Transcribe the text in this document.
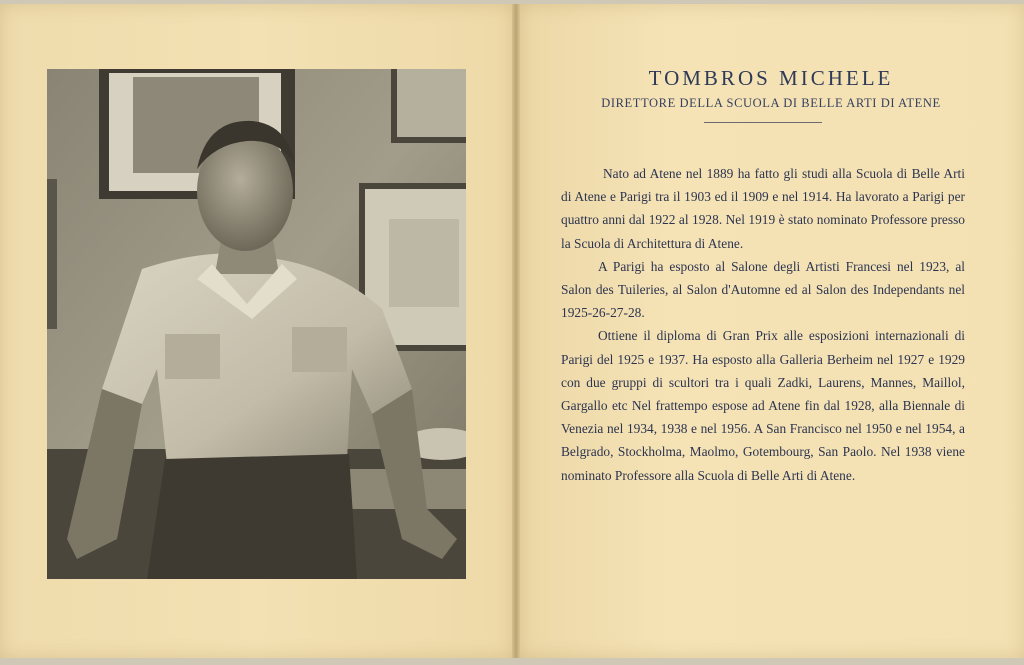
TOMBROS MICHELE

DIRETTORE DELLA SCUOLA DI BELLE ARTI DI ATENE

Nato ad Atene nel 1889 ha fatto gli studi alla Scuola di Belle Arti di Atene e Parigi tra il 1903 ed il 1909 e nel 1914. Ha lavorato a Parigi per quattro anni dal 1922 al 1928. Nel 1919 è stato nominato Professore presso la Scuola di Architettura di Atene.

A Parigi ha esposto al Salone degli Artisti Francesi nel 1923, al Salon des Tuileries, al Salon d'Automne ed al Salon des Independants nel 1925-26-27-28.

Ottiene il diploma di Gran Prix alle esposizioni internazionali di Parigi del 1925 e 1937. Ha esposto alla Galleria Berheim nel 1927 e 1929 con due gruppi di scultori tra i quali Zadki, Laurens, Mannes, Maillol, Gargallo etc Nel frattempo espose ad Atene fin dal 1928, alla Biennale di Venezia nel 1934, 1938 e nel 1956. A San Francisco nel 1950 e nel 1954, a Belgrado, Stockholma, Maolmo, Gotembourg, San Paolo. Nel 1938 viene nominato Professore alla Scuola di Belle Arti di Atene.
